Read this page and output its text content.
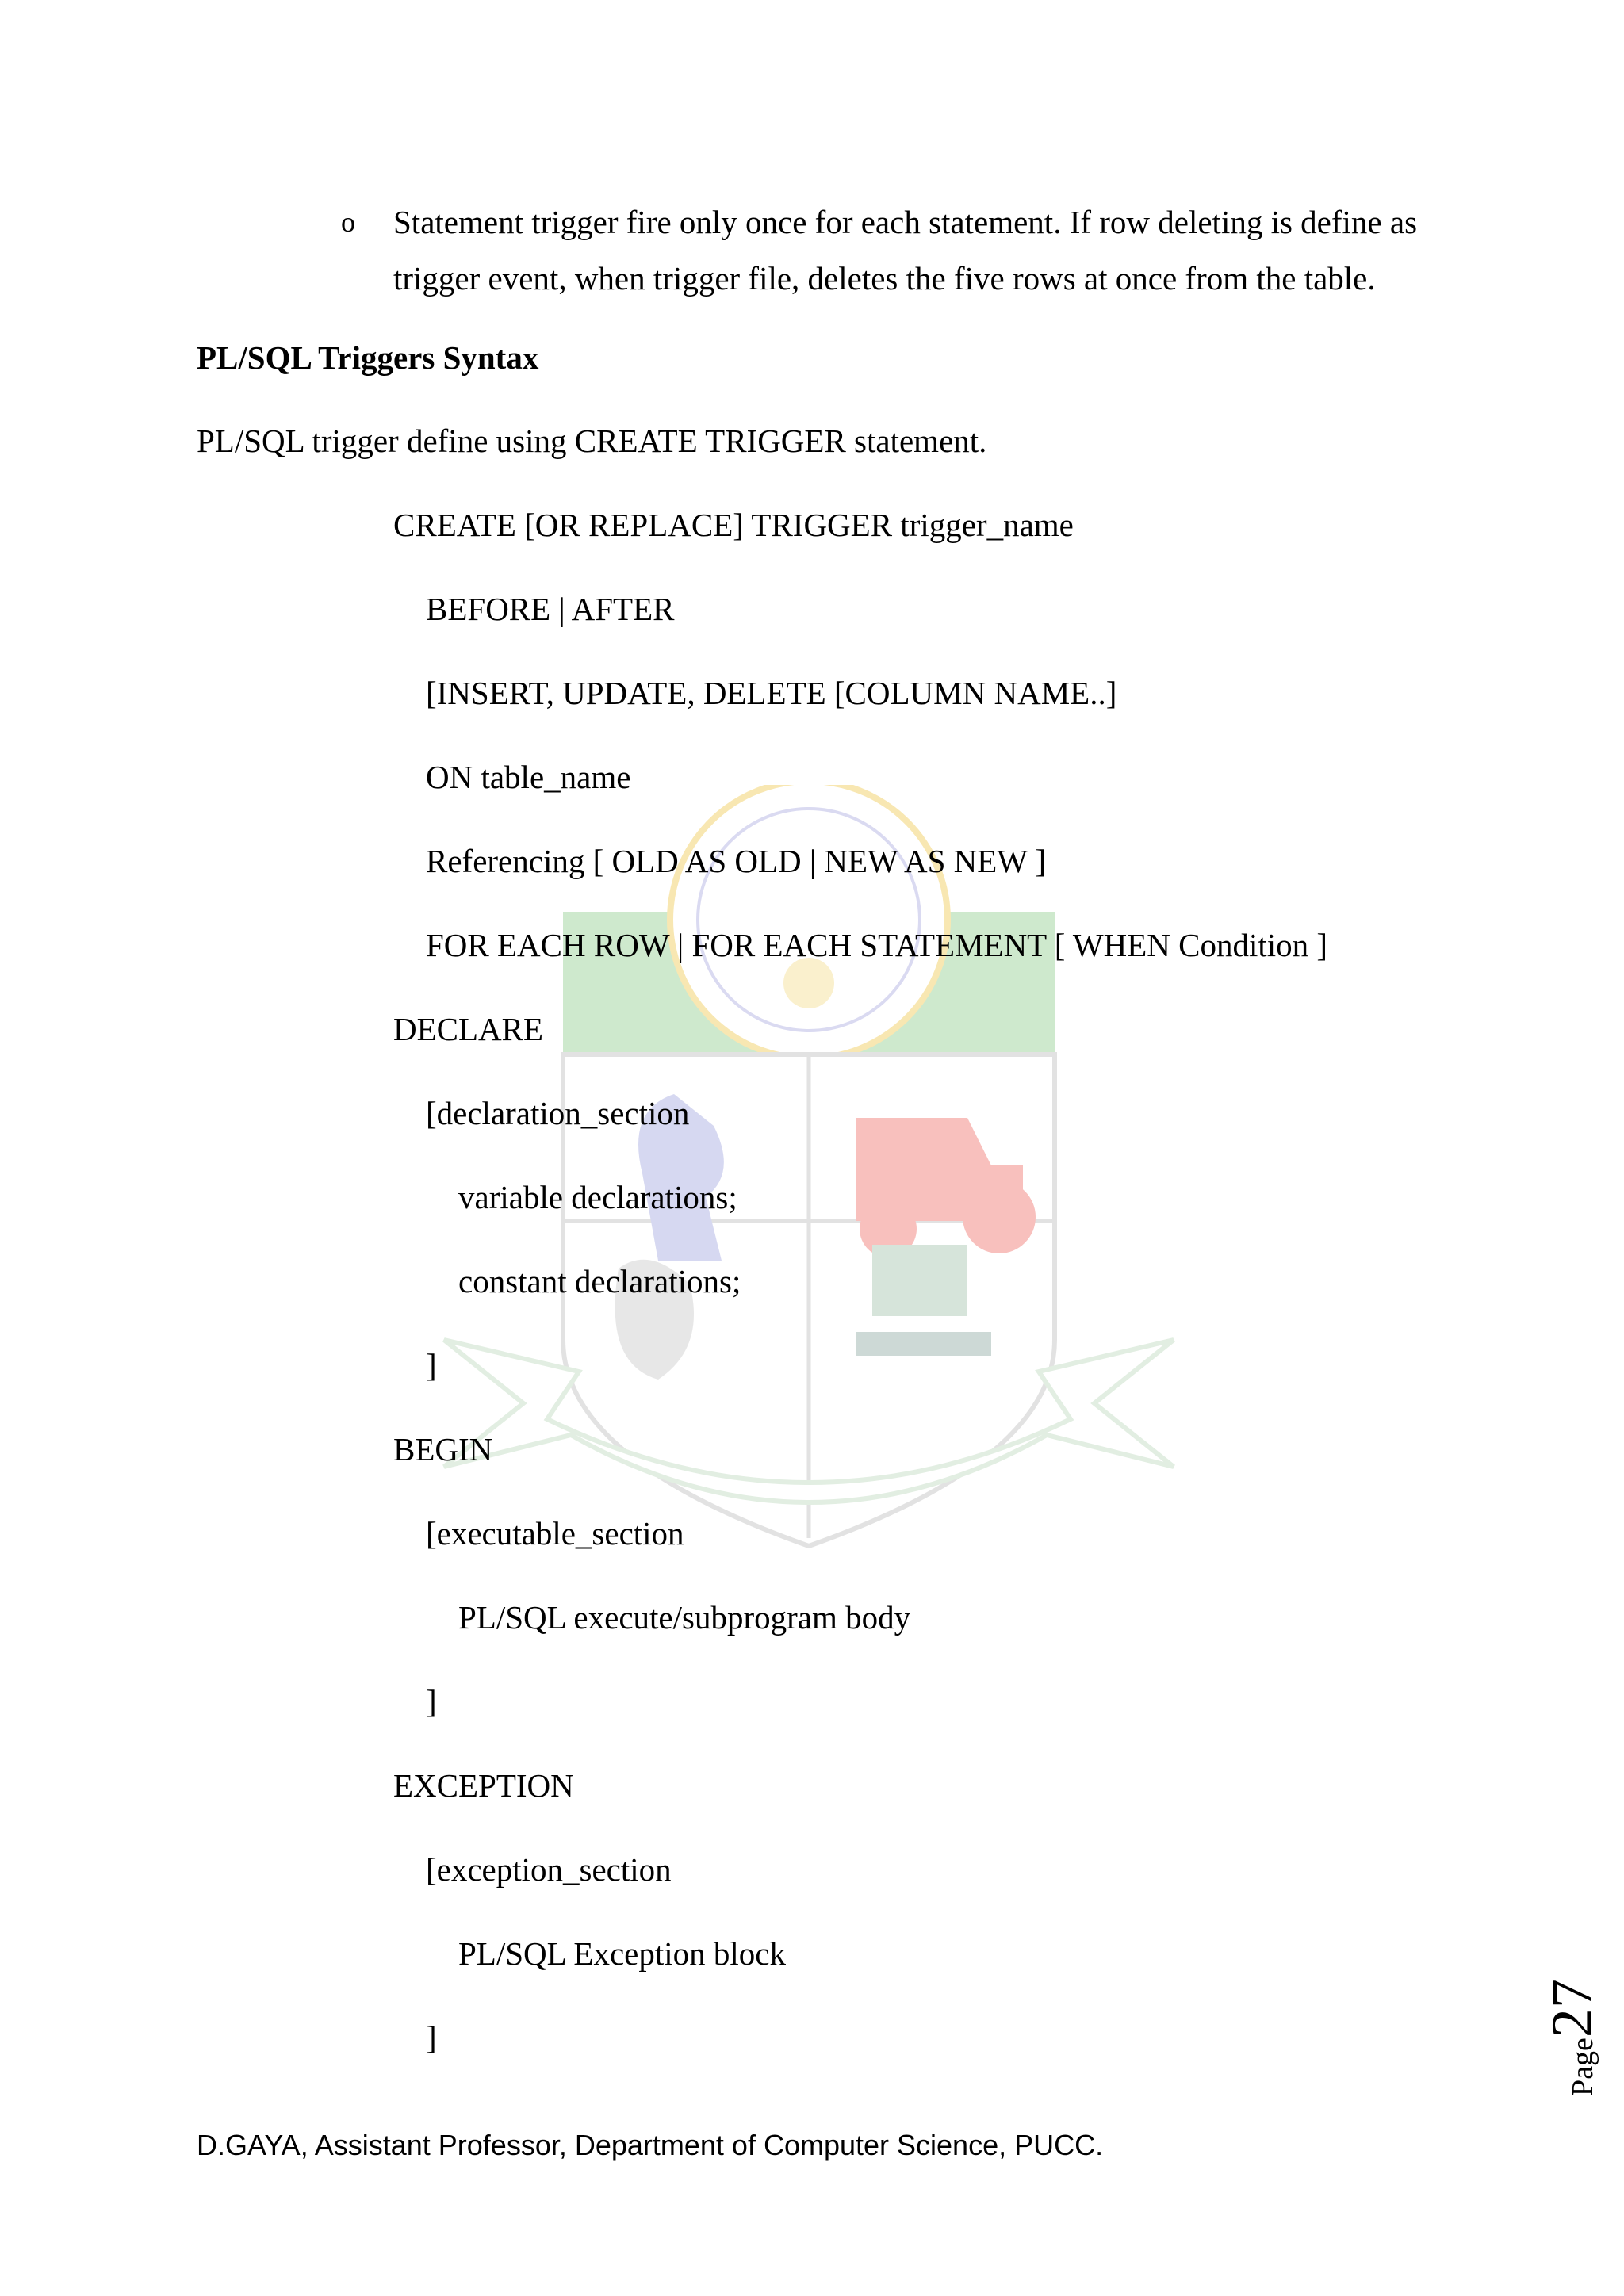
o Statement trigger fire only once for each statement. If row deleting is define as trigger event, when trigger file, deletes the five rows at once from the table.
PL/SQL Triggers Syntax
PL/SQL trigger define using CREATE TRIGGER statement.
CREATE [OR REPLACE] TRIGGER trigger_name
BEFORE | AFTER
[INSERT, UPDATE, DELETE [COLUMN NAME..]
ON table_name
Referencing [ OLD AS OLD | NEW AS NEW ]
FOR EACH ROW | FOR EACH STATEMENT [ WHEN Condition ]
DECLARE
[declaration_section
variable declarations;
constant declarations;
]
BEGIN
[executable_section
PL/SQL execute/subprogram body
]
EXCEPTION
[exception_section
PL/SQL Exception block
]
Page
27
D.GAYA, Assistant Professor, Department of Computer Science, PUCC.
